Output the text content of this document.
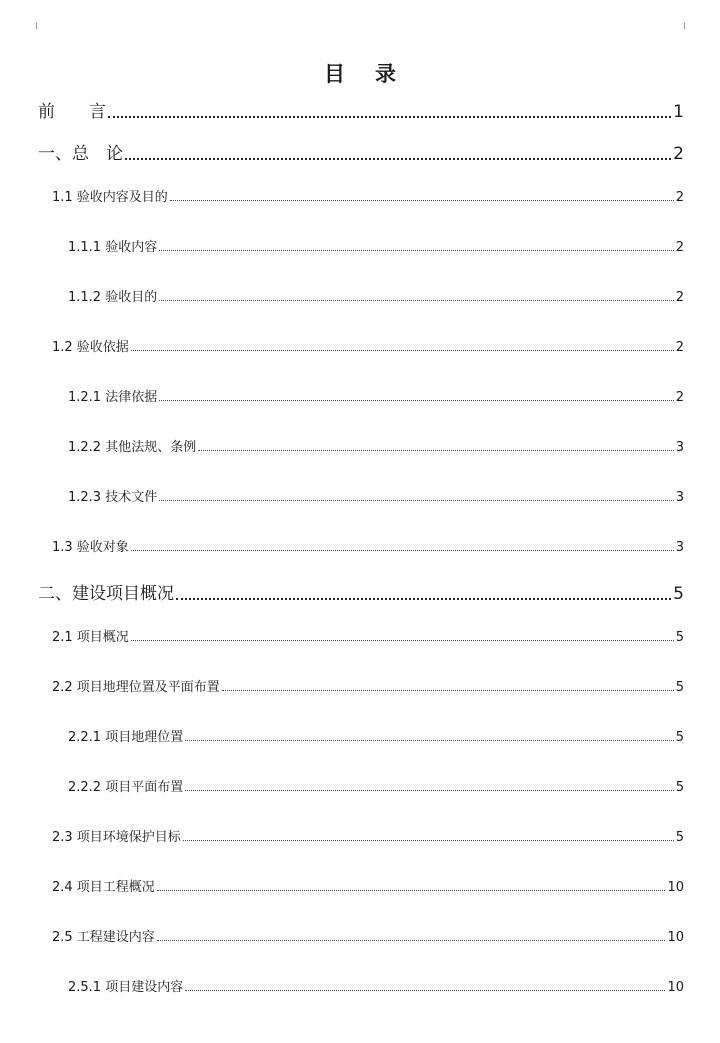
目 录
前　　言	1
一、总　论	2
1.1 验收内容及目的	2
1.1.1 验收内容	2
1.1.2 验收目的	2
1.2 验收依据	2
1.2.1 法律依据	2
1.2.2 其他法规、条例	3
1.2.3 技术文件	3
1.3 验收对象	3
二、建设项目概况	5
2.1 项目概况	5
2.2 项目地理位置及平面布置	5
2.2.1 项目地理位置	5
2.2.2 项目平面布置	5
2.3 项目环境保护目标	5
2.4 项目工程概况	10
2.5 工程建设内容	10
2.5.1 项目建设内容	10
